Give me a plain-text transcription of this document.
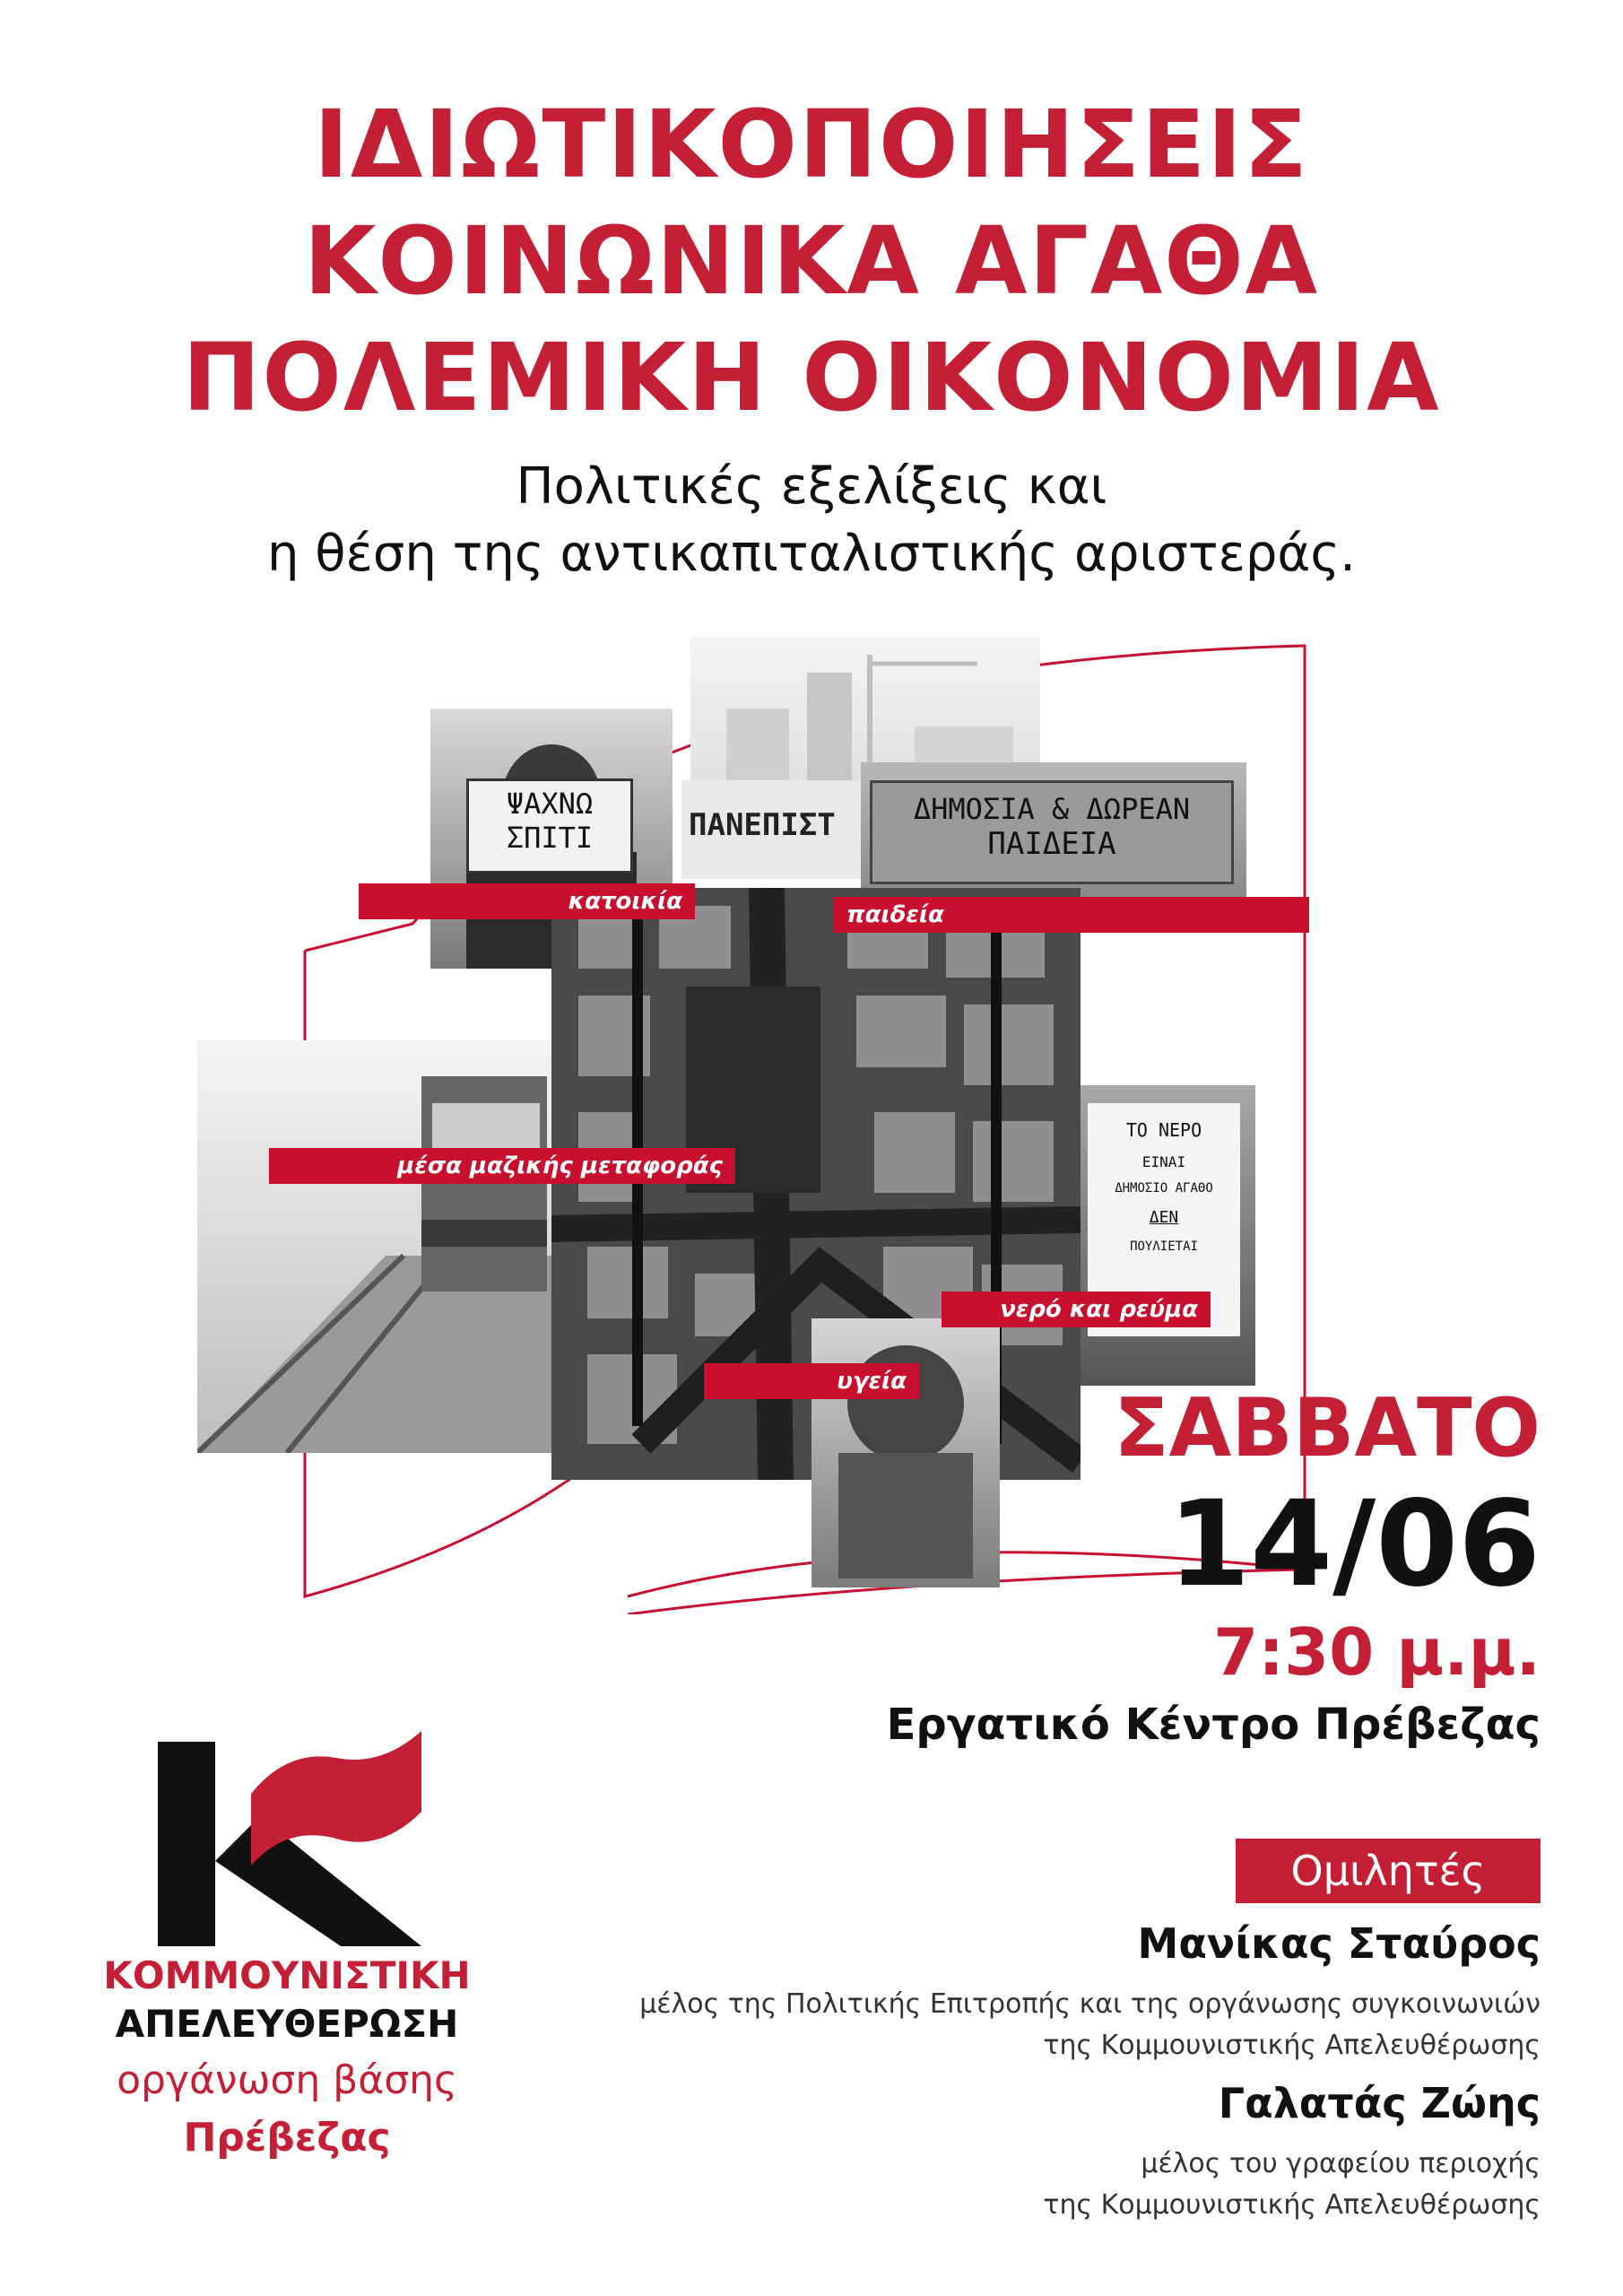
ΙΔΙΩΤΙΚΟΠΟΙΗΣΕΙΣ
ΚΟΙΝΩΝΙΚΑ ΑΓΑΘΑ
ΠΟΛΕΜΙΚΗ ΟΙΚΟΝΟΜΙΑ
Πολιτικές εξελίξεις και
η θέση της αντικαπιταλιστικής αριστεράς.
ΨΑΧΝΩ
ΣΠΙΤΙ	ΠΑΝΕΠΙΣΤ	ΔΗΜΟΣΙΑ & ΔΩΡΕΑΝ
ΠΑΙΔΕΙΑ
ΤΟ ΝΕΡΟ
ΕΙΝΑΙ
ΔΗΜΟΣΙΟ ΑΓΑΘΟ
ΔΕΝ
ΠΟΥΛΙΕΤΑΙ
κατοικία	παιδεία
μέσα μαζικής μεταφοράς
νερό και ρεύμα
υγεία	ΣΑΒΒΑΤΟ
14/06
7:30 μ.μ.
Εργατικό Κέντρο Πρέβεζας
Ομιλητές
Μανίκας Σταύρος
μέλος της Πολιτικής Επιτροπής και της οργάνωσης συγκοινωνιών
της Κομμουνιστικής Απελευθέρωσης
Γαλατάς Ζώης
μέλος του γραφείου περιοχής
της Κομμουνιστικής Απελευθέρωσης
ΚΟΜΜΟΥΝΙΣΤΙΚΗ
ΑΠΕΛΕΥΘΕΡΩΣΗ
οργάνωση βάσης
Πρέβεζας
